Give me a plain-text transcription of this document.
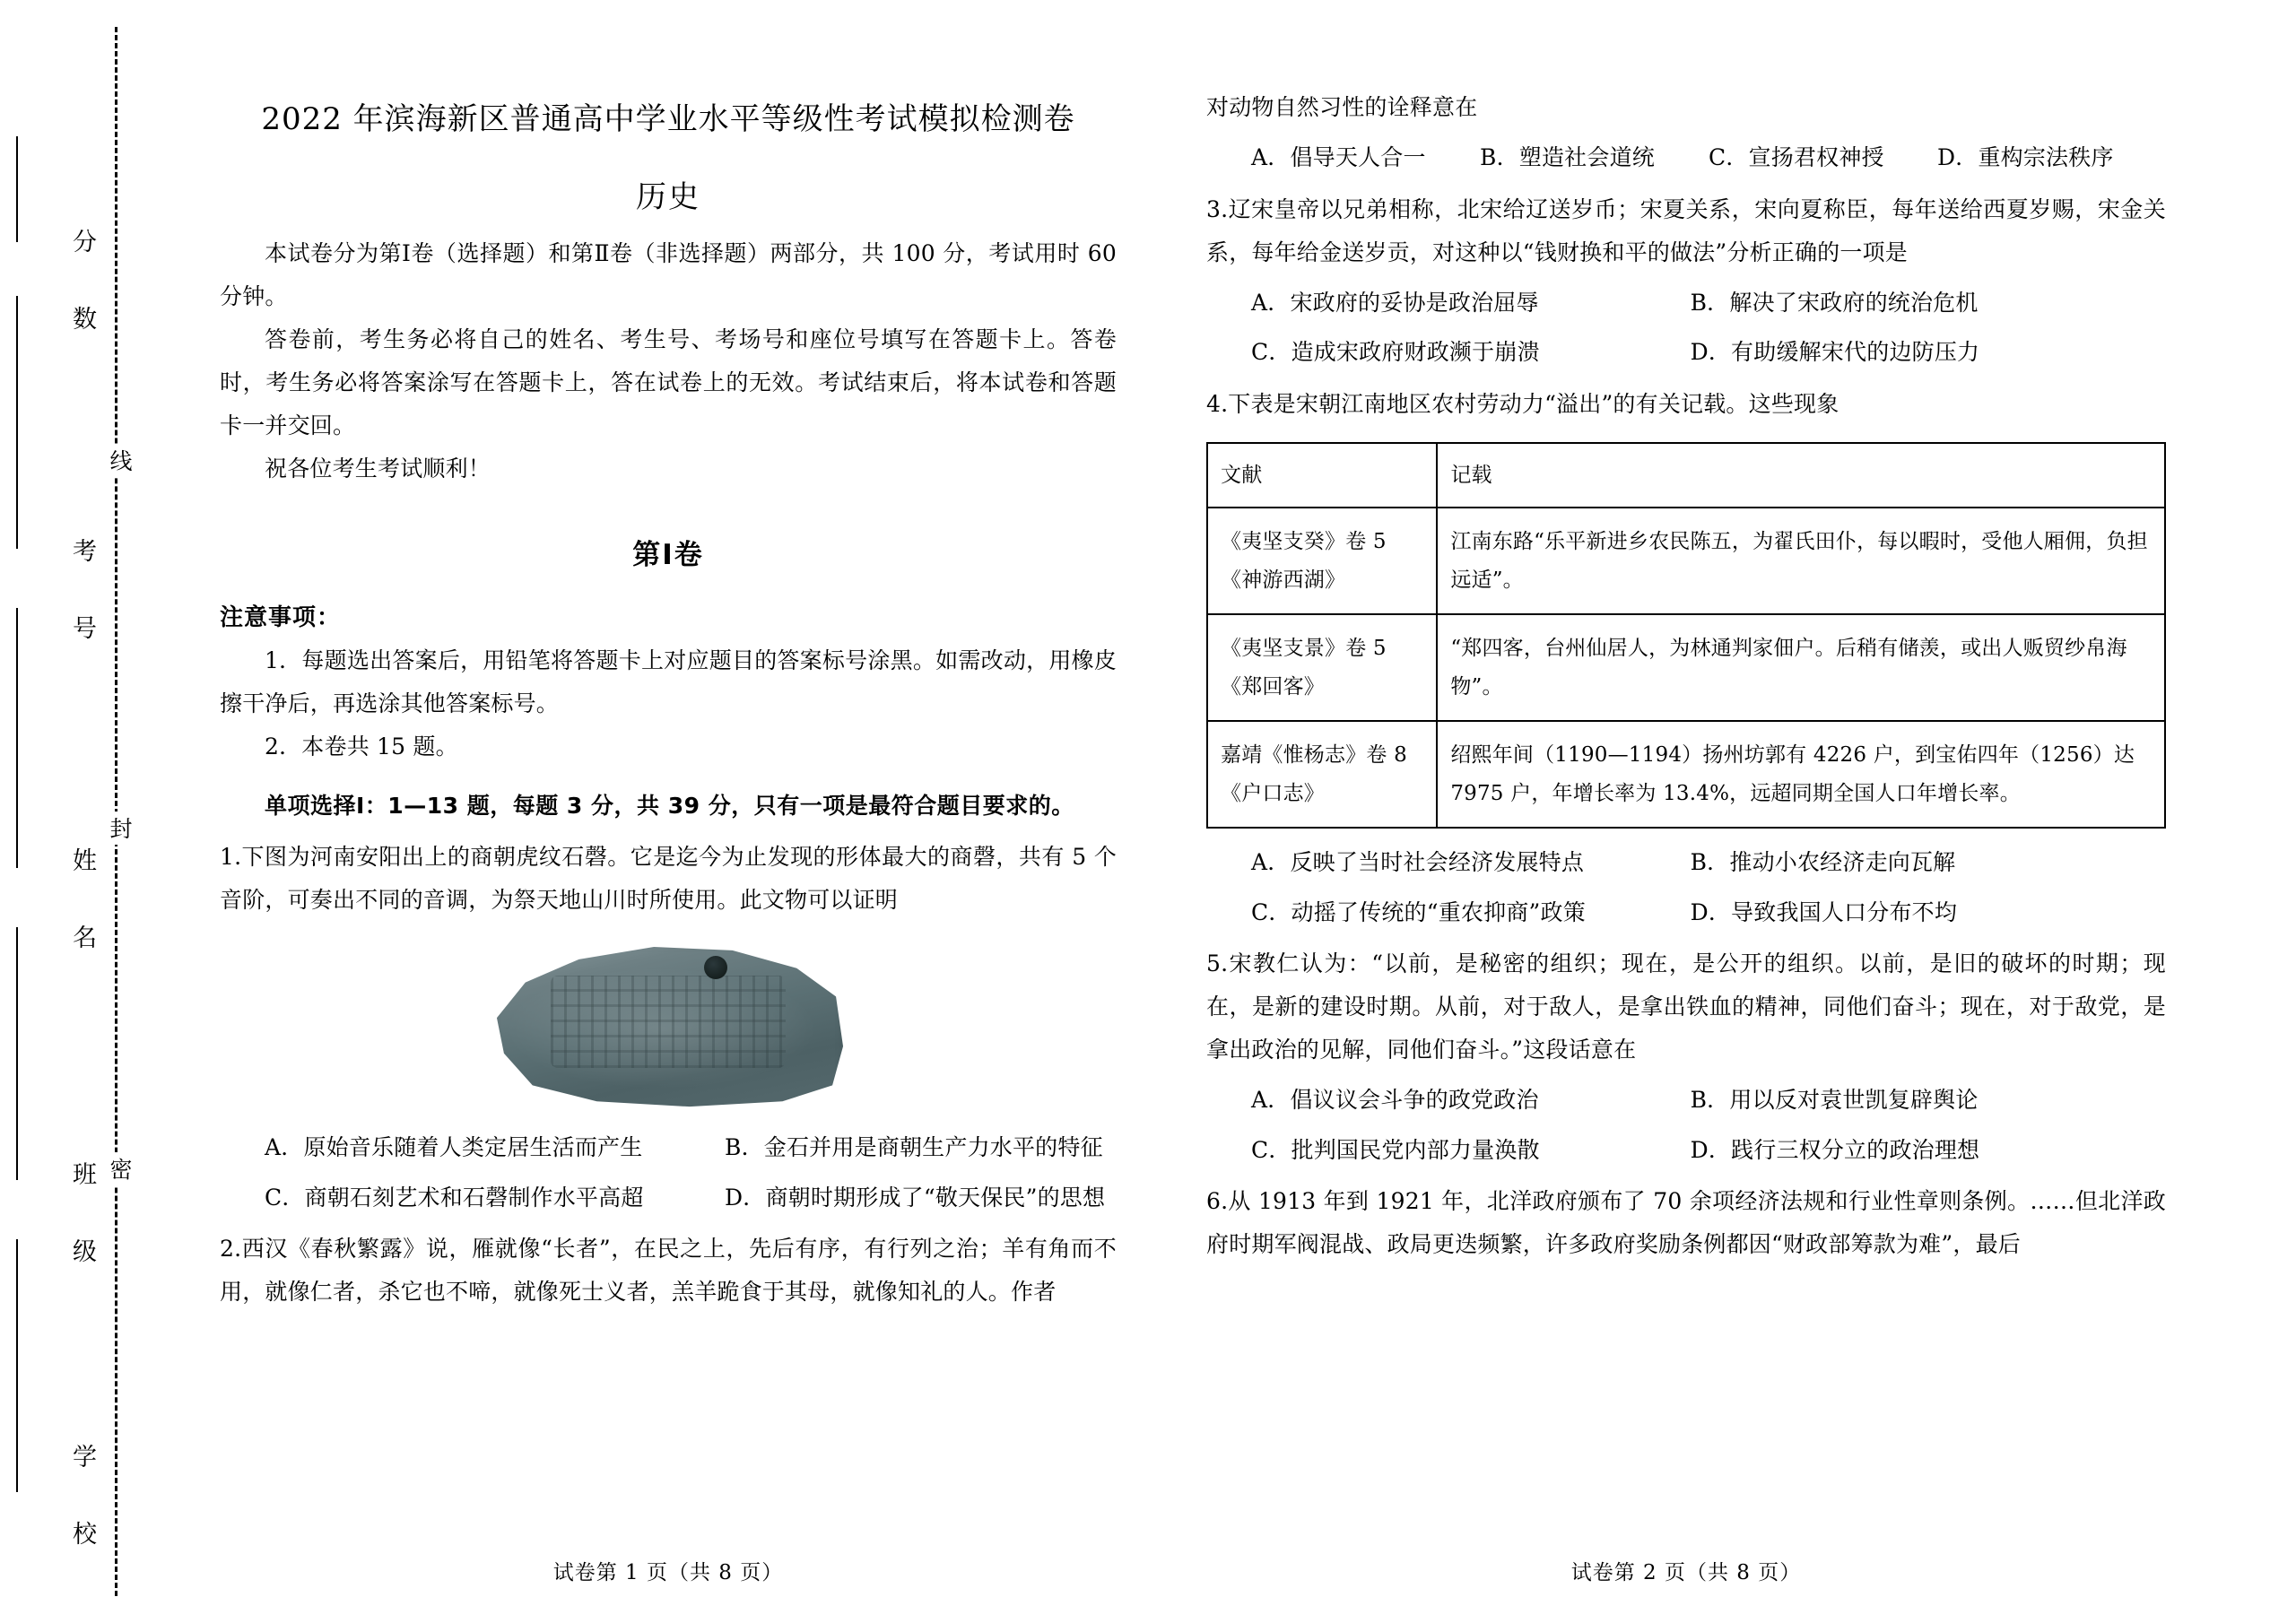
分 数
考 号
姓 名
班 级
学 校
线
封
密
2022 年滨海新区普通高中学业水平等级性考试模拟检测卷
历史

本试卷分为第Ⅰ卷（选择题）和第Ⅱ卷（非选择题）两部分，共 100 分，考试用时 60 分钟。

答卷前，考生务必将自己的姓名、考生号、考场号和座位号填写在答题卡上。答卷时，考生务必将答案涂写在答题卡上，答在试卷上的无效。考试结束后，将本试卷和答题卡一并交回。

祝各位考生考试顺利！

第Ⅰ卷
注意事项：

1．每题选出答案后，用铅笔将答题卡上对应题目的答案标号涂黑。如需改动，用橡皮擦干净后，再选涂其他答案标号。

2．本卷共 15 题。

单项选择Ⅰ：1—13 题，每题 3 分，共 39 分，只有一项是最符合题目要求的。

1.下图为河南安阳出上的商朝虎纹石磬。它是迄今为止发现的形体最大的商磬，共有 5 个音阶，可奏出不同的音调，为祭天地山川时所使用。此文物可以证明

A．原始音乐随着人类定居生活而产生	B．金石并用是商朝生产力水平的特征
C．商朝石刻艺术和石磬制作水平高超	D．商朝时期形成了“敬天保民”的思想

2.西汉《春秋繁露》说，雁就像“长者”，在民之上，先后有序，有行列之治；羊有角而不用，就像仁者，杀它也不啼，就像死士义者，羔羊跪食于其母，就像知礼的人。作者

试卷第 1 页（共 8 页）

对动物自然习性的诠释意在

A．倡导天人合一	B．塑造社会道统	C．宣扬君权神授	D．重构宗法秩序

3.辽宋皇帝以兄弟相称，北宋给辽送岁币；宋夏关系，宋向夏称臣，每年送给西夏岁赐，宋金关系，每年给金送岁贡，对这种以“钱财换和平的做法”分析正确的一项是

A．宋政府的妥协是政治屈辱	B．解决了宋政府的统治危机
C．造成宋政府财政濒于崩溃	D．有助缓解宋代的边防压力

4.下表是宋朝江南地区农村劳动力“溢出”的有关记载。这些现象

文献	记载
《夷坚支癸》卷 5 《神游西湖》	江南东路“乐平新进乡农民陈五，为翟氏田仆，每以暇时，受他人厢佣，负担远适”。
《夷坚支景》卷 5 《郑回客》	“郑四客，台州仙居人，为林通判家佃户。后稍有储羡，或出人贩贸纱帛海物”。
嘉靖《惟杨志》卷 8《户口志》	绍熙年间（1190—1194）扬州坊郭有 4226 户，到宝佑四年（1256）达 7975 户，年增长率为 13.4%，远超同期全国人口年增长率。
A．反映了当时社会经济发展特点	B．推动小农经济走向瓦解
C．动摇了传统的“重农抑商”政策	D．导致我国人口分布不均

5.宋教仁认为：“以前，是秘密的组织；现在，是公开的组织。以前，是旧的破坏的时期；现在，是新的建设时期。从前，对于敌人，是拿出铁血的精神，同他们奋斗；现在，对于敌党，是拿出政治的见解，同他们奋斗。”这段话意在

A．倡议议会斗争的政党政治	B．用以反对袁世凯复辟舆论
C．批判国民党内部力量涣散	D．践行三权分立的政治理想

6.从 1913 年到 1921 年，北洋政府颁布了 70 余项经济法规和行业性章则条例。……但北洋政府时期军阀混战、政局更迭频繁，许多政府奖励条例都因“财政部筹款为难”，最后

试卷第 2 页（共 8 页）
